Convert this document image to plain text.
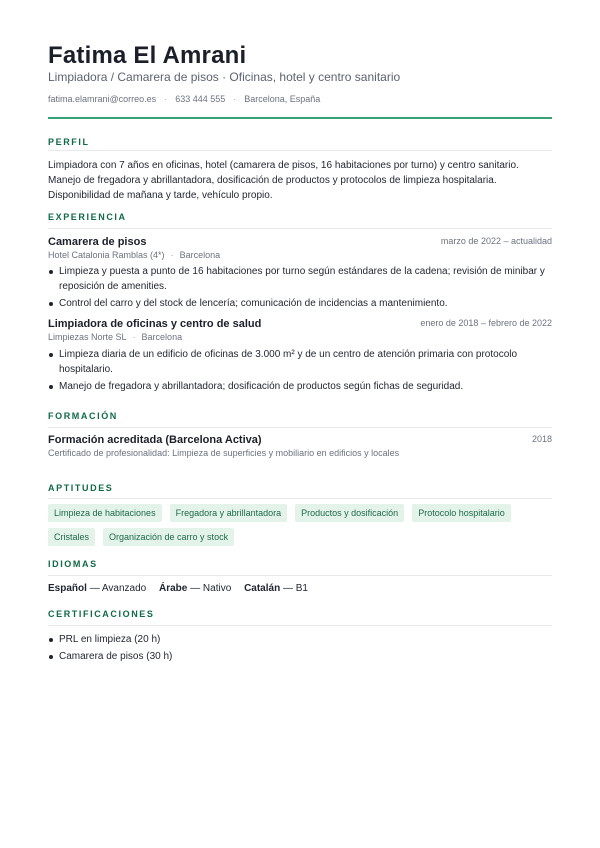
Fatima El Amrani
Limpiadora / Camarera de pisos · Oficinas, hotel y centro sanitario
fatima.elamrani@correo.es · 633 444 555 · Barcelona, España
PERFIL
Limpiadora con 7 años en oficinas, hotel (camarera de pisos, 16 habitaciones por turno) y centro sanitario. Manejo de fregadora y abrillantadora, dosificación de productos y protocolos de limpieza hospitalaria. Disponibilidad de mañana y tarde, vehículo propio.
EXPERIENCIA
Camarera de pisos	marzo de 2022 – actualidad
Hotel Catalonia Ramblas (4*) · Barcelona
Limpieza y puesta a punto de 16 habitaciones por turno según estándares de la cadena; revisión de minibar y reposición de amenities.
Control del carro y del stock de lencería; comunicación de incidencias a mantenimiento.
Limpiadora de oficinas y centro de salud	enero de 2018 – febrero de 2022
Limpiezas Norte SL · Barcelona
Limpieza diaria de un edificio de oficinas de 3.000 m² y de un centro de atención primaria con protocolo hospitalario.
Manejo de fregadora y abrillantadora; dosificación de productos según fichas de seguridad.
FORMACIÓN
Formación acreditada (Barcelona Activa)	2018
Certificado de profesionalidad: Limpieza de superficies y mobiliario en edificios y locales
APTITUDES
Limpieza de habitaciones	Fregadora y abrillantadora	Productos y dosificación	Protocolo hospitalario
Cristales	Organización de carro y stock
IDIOMAS
Español — Avanzado Árabe — Nativo Catalán — B1
CERTIFICACIONES
PRL en limpieza (20 h)
Camarera de pisos (30 h)
